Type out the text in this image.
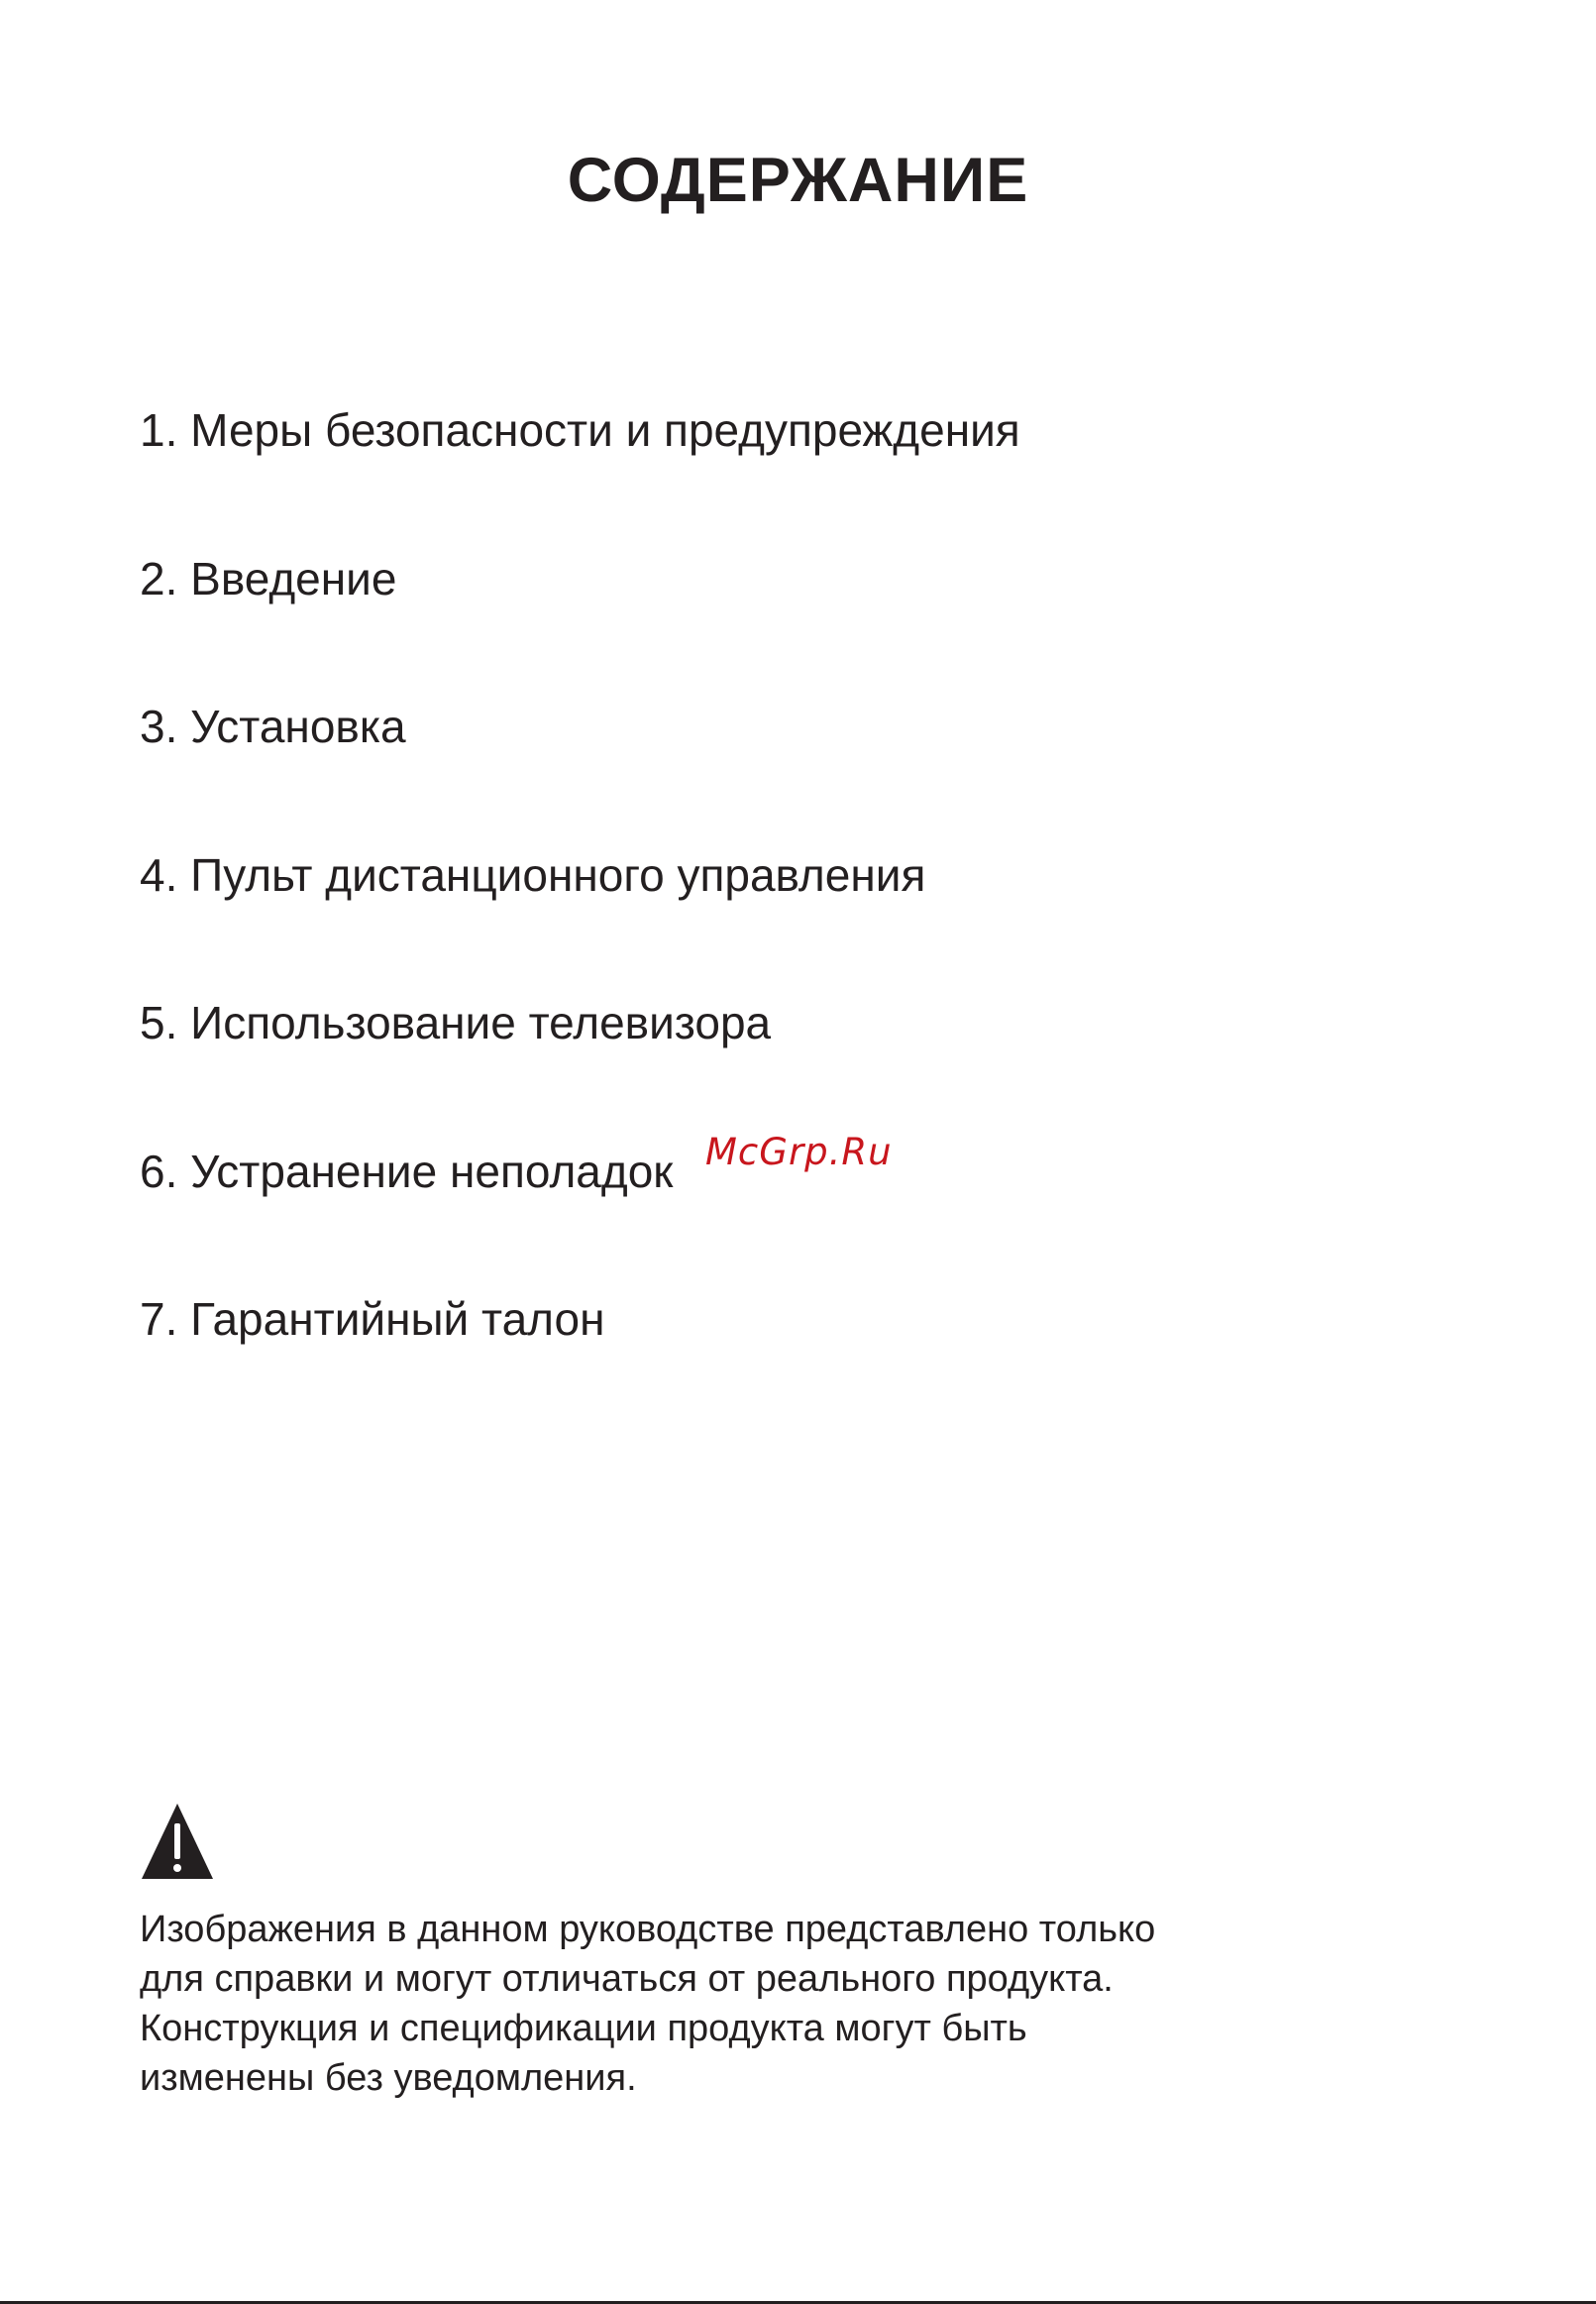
СОДЕРЖАНИЕ
1. Меры безопасности и предупреждения
2. Введение
3. Установка
4. Пульт дистанционного управления
5. Использование телевизора
6. Устранение неполадок
7. Гарантийный талон
McGrp.Ru

Изображения в данном руководстве представлено только
для справки и могут отличаться от реального продукта.
Конструкция и спецификации продукта могут быть
изменены без уведомления.
